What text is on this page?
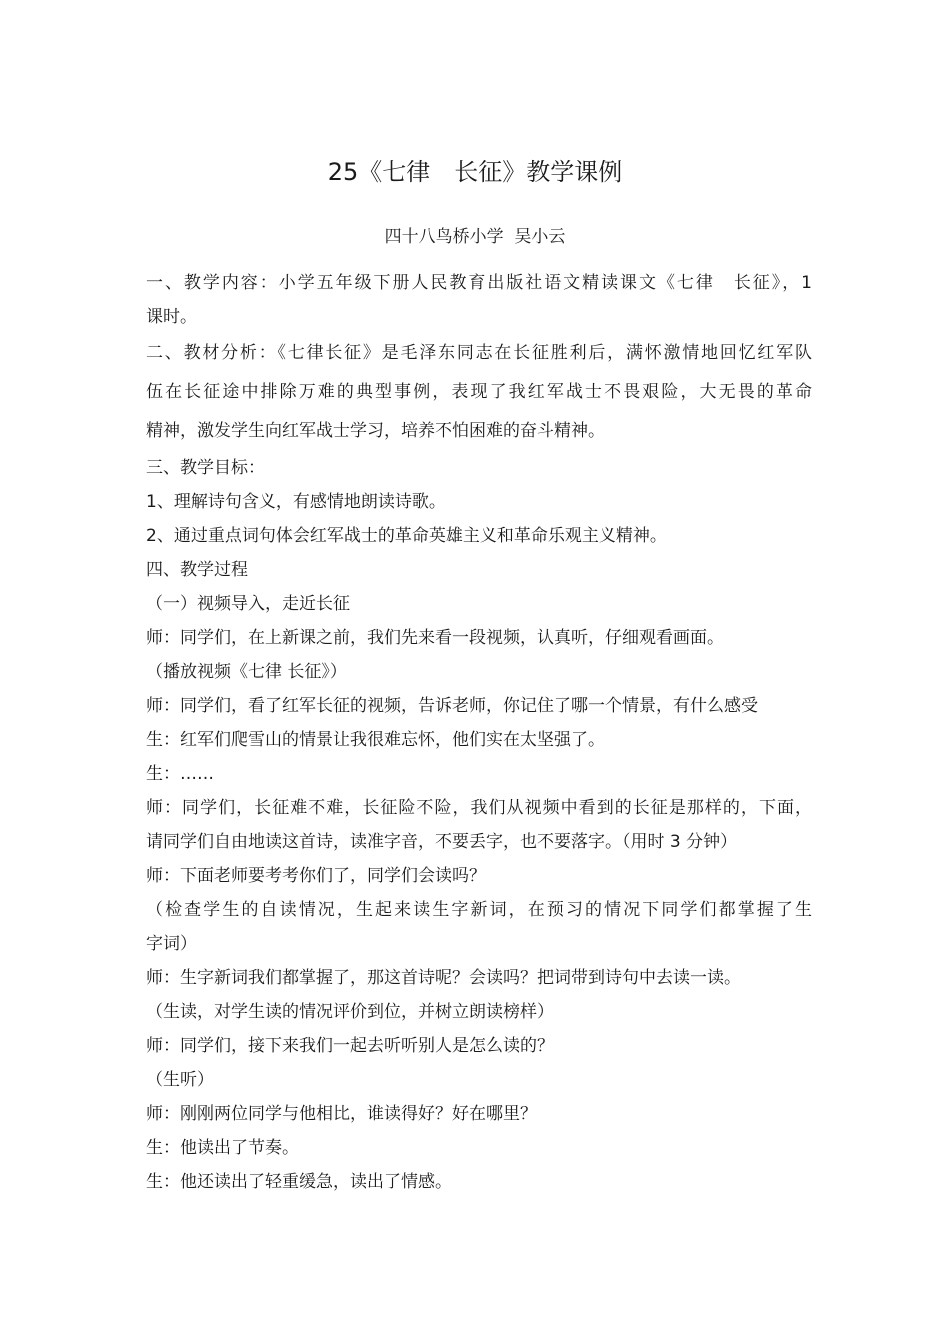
25《七律　长征》教学课例
四十八鸟桥小学  吴小云
一、教学内容：小学五年级下册人民教育出版社语文精读课文《七律　长征》，1
课时。
二、教材分析：《七律长征》是毛泽东同志在长征胜利后，满怀激情地回忆红军队
伍在长征途中排除万难的典型事例，表现了我红军战士不畏艰险，大无畏的革命
精神，激发学生向红军战士学习，培养不怕困难的奋斗精神。
三、教学目标：
1、理解诗句含义，有感情地朗读诗歌。
2、通过重点词句体会红军战士的革命英雄主义和革命乐观主义精神。
四、教学过程
（一）视频导入，走近长征
师：同学们，在上新课之前，我们先来看一段视频，认真听，仔细观看画面。
（播放视频《七律 长征》）
师：同学们，看了红军长征的视频，告诉老师，你记住了哪一个情景，有什么感受
生：红军们爬雪山的情景让我很难忘怀，他们实在太坚强了。
生：……
师：同学们，长征难不难，长征险不险，我们从视频中看到的长征是那样的，下面，
请同学们自由地读这首诗，读准字音，不要丢字，也不要落字。（用时 3 分钟）
师：下面老师要考考你们了，同学们会读吗？
（检查学生的自读情况，生起来读生字新词，在预习的情况下同学们都掌握了生
字词）
师：生字新词我们都掌握了，那这首诗呢？会读吗？把词带到诗句中去读一读。
（生读，对学生读的情况评价到位，并树立朗读榜样）
师：同学们，接下来我们一起去听听别人是怎么读的？
（生听）
师：刚刚两位同学与他相比，谁读得好？好在哪里？
生：他读出了节奏。
生：他还读出了轻重缓急，读出了情感。
